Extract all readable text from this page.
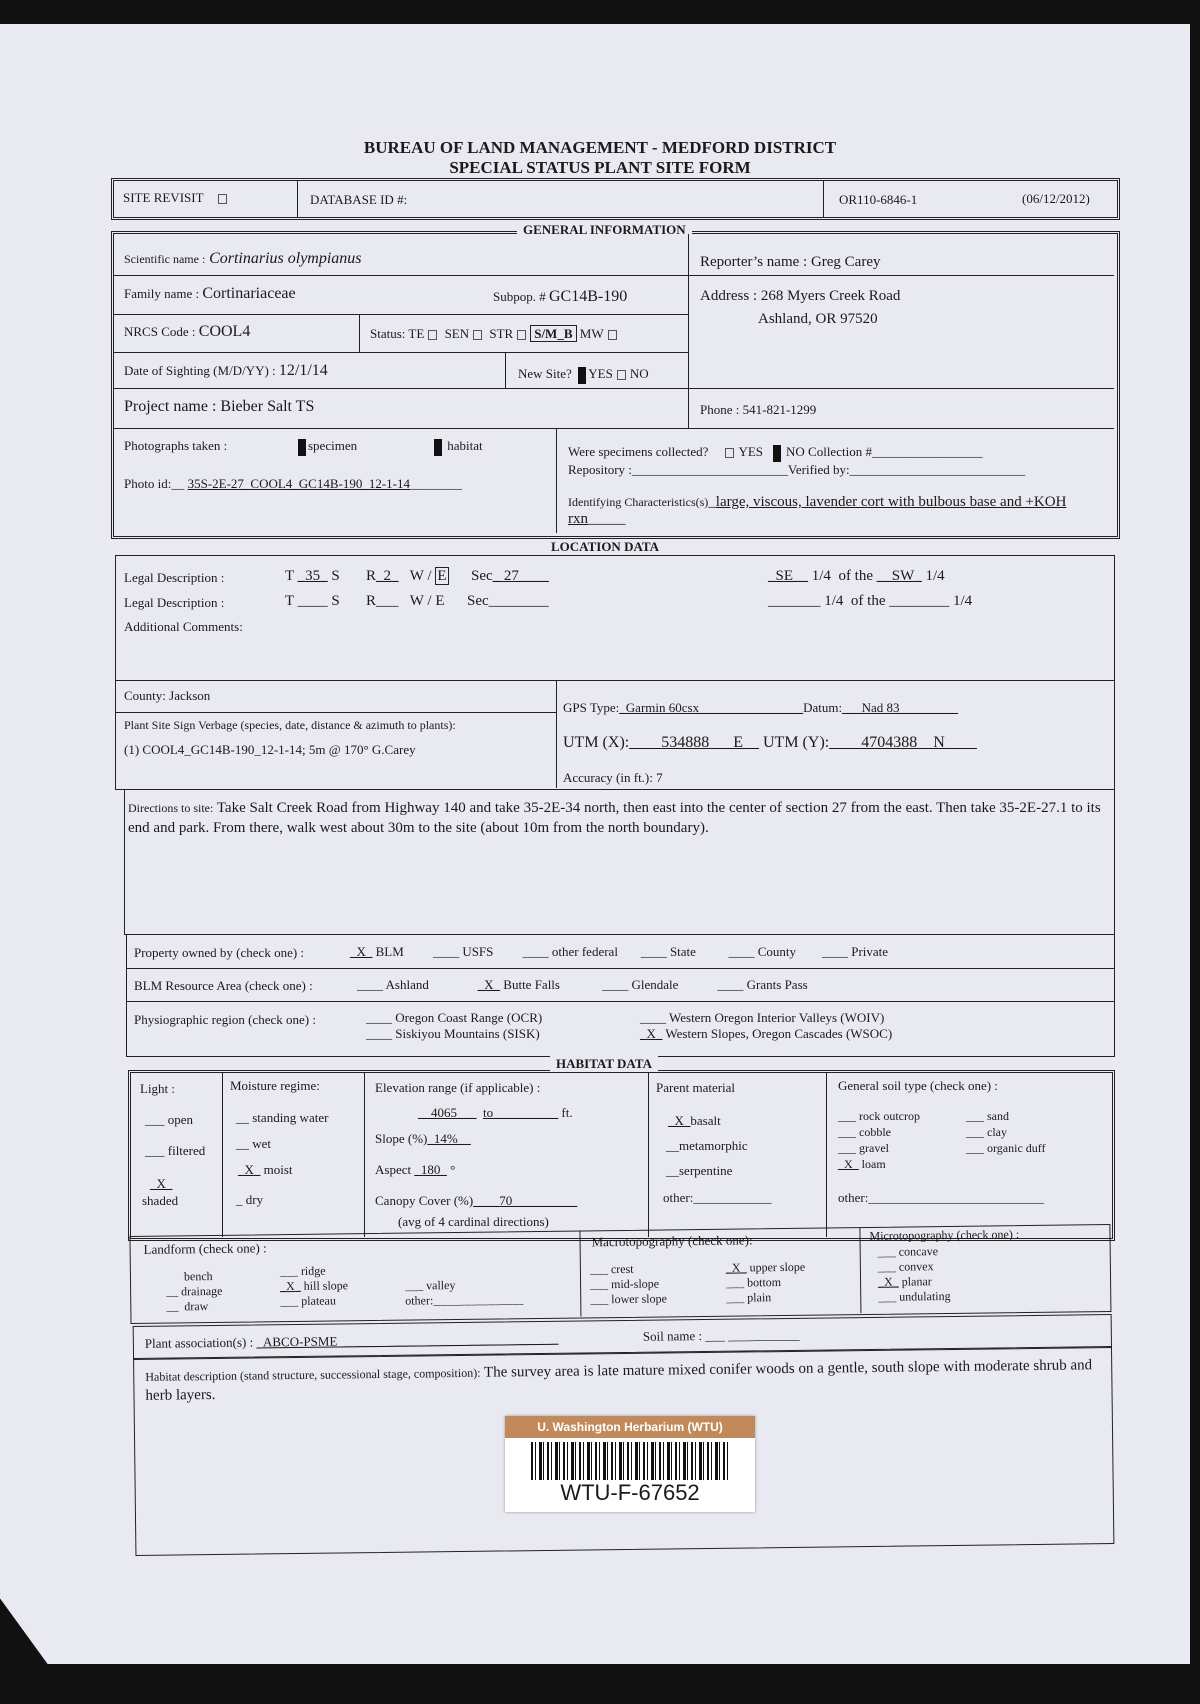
BUREAU OF LAND MANAGEMENT - MEDFORD DISTRICT
SPECIAL STATUS PLANT SITE FORM
SITE REVISIT	DATABASE ID #:	OR110-6846-1	(06/12/2012)
GENERAL INFORMATION
Scientific name : Cortinarius olympianus	Reporter’s name : Greg Carey
Family name : Cortinariaceae	Subpop. # GC14B-190	Address : 268 Myers Creek Road
Ashland, OR 97520
NRCS Code : COOL4	Status: TE SEN STR S/M_B MW
Date of Sighting (M/D/YY) : 12/1/14	New Site? YES NO
Project name : Bieber Salt TS	Phone : 541-821-1299
Photographs taken :	specimen	habitat
Photo id:__ 35S-2E-27_COOL4_GC14B-190_12-1-14________
Were specimens collected? YES NO Collection #_________________
Repository :________________________Verified by:___________________________
Identifying Characteristics(s)_large, viscous, lavender cort with bulbous base and +KOH rxn_____
LOCATION DATA
Legal Description :	T _35_ S R_2_ W / E Sec_ 27____	_SE__ 1/4 of the __SW_ 1/4
Legal Description :	T ____ S R___   W / E Sec________	_______ 1/4 of the ________ 1/4
Additional Comments:
County: Jackson
Plant Site Sign Verbage (species, date, distance & azimuth to plants):
(1) COOL4_GC14B-190_12-1-14; 5m @ 170° G.Carey
GPS Type:_Garmin 60csx________________Datum:___Nad 83_________
UTM (X):____534888___E__ UTM (Y):____4704388__N____
Accuracy (in ft.): 7
Directions to site: Take Salt Creek Road from Highway 140 and take 35-2E-34 north, then east into the center of section 27 from the east. Then take 35-2E-27.1 to its end and park. From there, walk west about 30m to the site (about 10m from the north boundary).
Property owned by (check one) :	_X_ BLM         ____ USFS         ____ other federal       ____ State          ____ County        ____ Private
BLM Resource Area (check one) :	____ Ashland	_X_ Butte Falls             ____ Glendale            ____ Grants Pass
Physiographic region (check one) :	____ Oregon Coast Range (OCR)
____ Siskiyou Mountains (SISK)
____ Western Oregon Interior Valleys (WOIV)
_X_ Western Slopes, Oregon Cascades (WSOC)
HABITAT DATA
Light :
___ open
___ filtered
_X_
shaded
Moisture regime:
__ standing water
__ wet
_X_ moist
_ dry
Elevation range (if applicable) :
__4065___ to__________ ft.
Slope (%)_14%__
Aspect _180_ °
Canopy Cover (%)____70__________
(avg of 4 cardinal directions)
Parent material
_X_basalt
__metamorphic
__serpentine
other:____________
General soil type (check one) :
___ rock outcrop
___ cobble
___ gravel
_X_ loam
___ sand
___ clay
___ organic duff
other:___________________________
Landform (check one) :
bench
__ drainage
__  draw
___ ridge
_X_ hill slope
___ plateau
___ valley
other:_______________
Macrotopography (check one):
___ crest
___ mid-slope
___ lower slope
_X_ upper slope
___ bottom
___ plain
Microtopography (check one) :
___ concave
___ convex
_X_ planar
___ undulating
Plant association(s) : _ABCO-PSME__________________________________	Soil name : ___ ___________
Habitat description (stand structure, successional stage, composition): The survey area is late mature mixed conifer woods on a gentle, south slope with moderate shrub and herb layers.
U. Washington Herbarium (WTU)
WTU-F-67652
